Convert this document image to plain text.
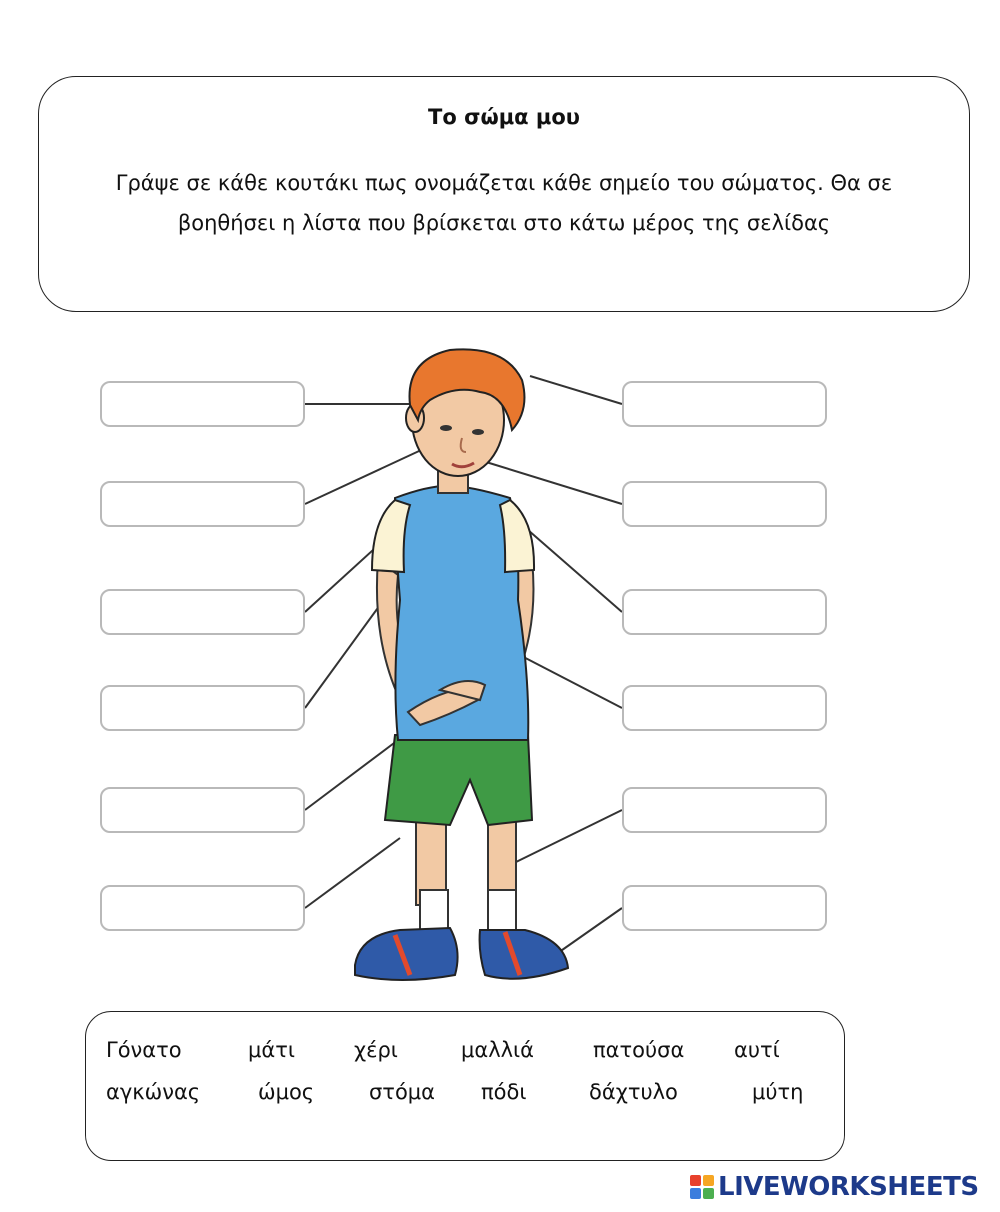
Το σώμα μου
Γράψε σε κάθε κουτάκι πως ονομάζεται κάθε σημείο του σώματος. Θα σε
βοηθήσει η λίστα που βρίσκεται στο κάτω μέρος της σελίδας
Γόνατο	μάτι	χέρι	μαλλιά	πατούσα αυτί
αγκώνας	ώμος	στόμα πόδι	δάχτυλο	μύτη
LIVEWORKSHEETS
